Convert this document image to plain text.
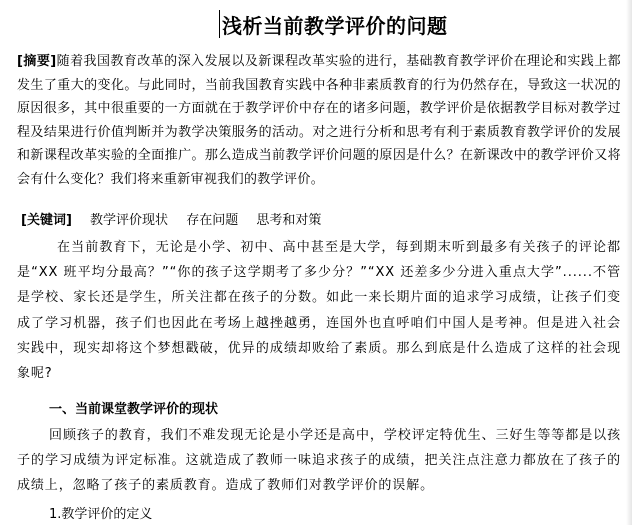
浅析当前教学评价的问题
[摘要]随着我国教育改革的深入发展以及新课程改革实验的进行，基础教育教学评价在理论和实践上都发生了重大的变化。与此同时，当前我国教育实践中各种非素质教育的行为仍然存在，导致这一状况的原因很多，其中很重要的一方面就在于教学评价中存在的诸多问题，教学评价是依据教学目标对教学过程及结果进行价值判断并为教学决策服务的活动。对之进行分析和思考有利于素质教育教学评价的发展和新课程改革实验的全面推广。那么造成当前教学评价问题的原因是什么？在新课改中的教学评价又将会有什么变化？我们将来重新审视我们的教学评价。
[关键词] 教学评价现状 存在问题 思考和对策
在当前教育下，无论是小学、初中、高中甚至是大学，每到期末听到最多有关孩子的评论都是“XX 班平均分最高？”“你的孩子这学期考了多少分？”“XX 还差多少分进入重点大学”......不管是学校、家长还是学生，所关注都在孩子的分数。如此一来长期片面的追求学习成绩，让孩子们变成了学习机器，孩子们也因此在考场上越挫越勇，连国外也直呼咱们中国人是考神。但是进入社会实践中，现实却将这个梦想戳破，优异的成绩却败给了素质。那么到底是什么造成了这样的社会现象呢?
一、当前课堂教学评价的现状
回顾孩子的教育，我们不难发现无论是小学还是高中，学校评定特优生、三好生等等都是以孩子的学习成绩为评定标准。这就造成了教师一味追求孩子的成绩，把关注点注意力都放在了孩子的成绩上，忽略了孩子的素质教育。造成了教师们对教学评价的误解。
1.教学评价的定义
